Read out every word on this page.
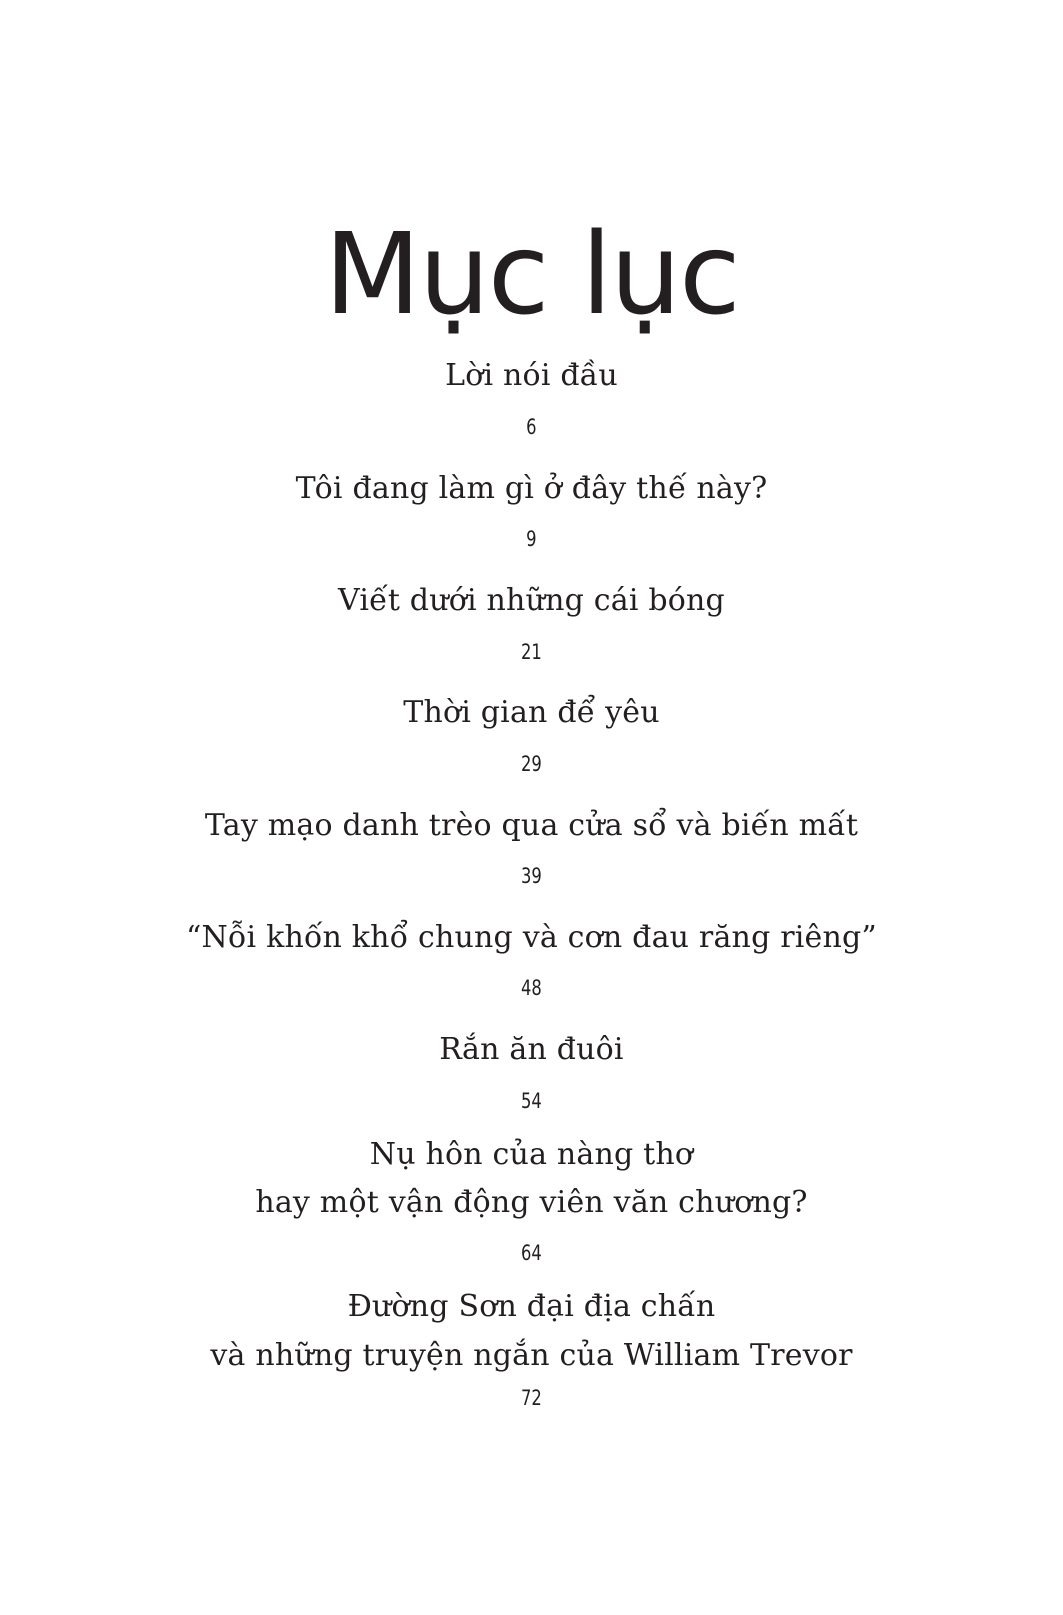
Mục lục
Lời nói đầu
6
Tôi đang làm gì ở đây thế này?
9
Viết dưới những cái bóng
21
Thời gian để yêu
29
Tay mạo danh trèo qua cửa sổ và biến mất
39
“Nỗi khốn khổ chung và cơn đau răng riêng”
48
Rắn ăn đuôi
54
Nụ hôn của nàng thơ
hay một vận động viên văn chương?
64
Đường Sơn đại địa chấn
và những truyện ngắn của William Trevor
72
